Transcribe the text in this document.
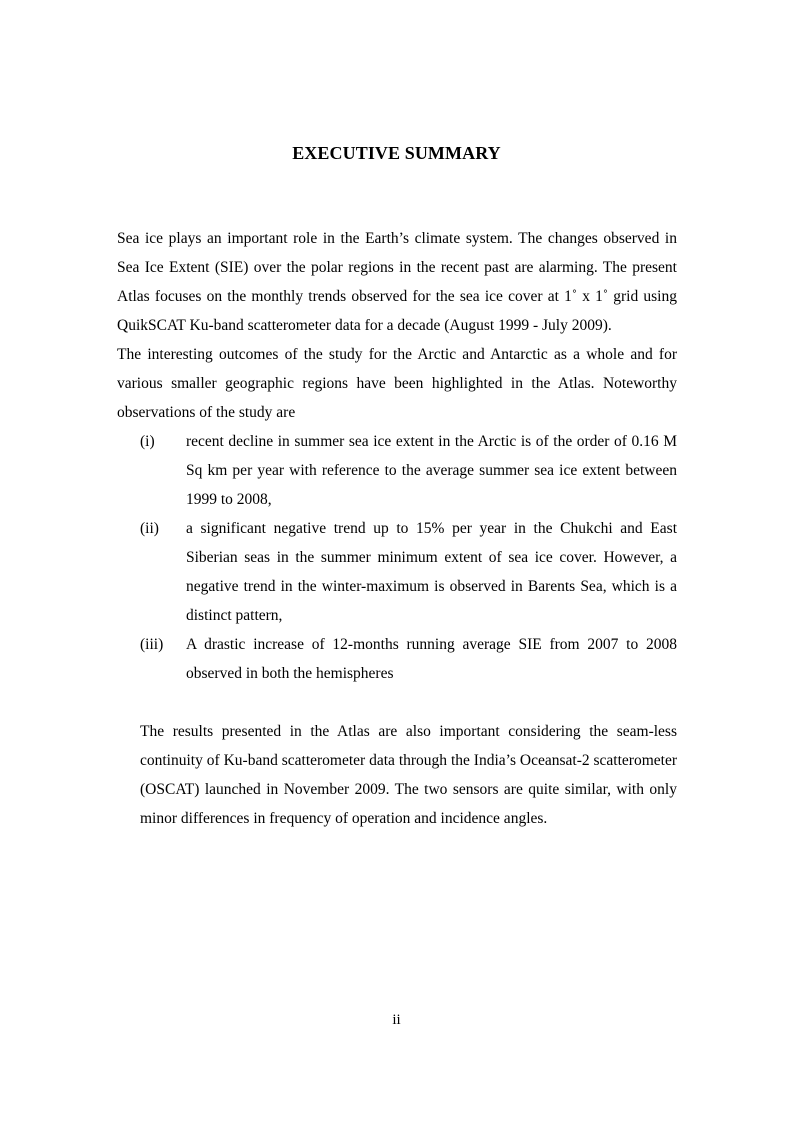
EXECUTIVE SUMMARY

Sea ice plays an important role in the Earth’s climate system. The changes observed in Sea Ice Extent (SIE) over the polar regions in the recent past are alarming. The present Atlas focuses on the monthly trends observed for the sea ice cover at 1˚ x 1˚ grid using QuikSCAT Ku-band scatterometer data for a decade (August 1999 - July 2009).

The interesting outcomes of the study for the Arctic and Antarctic as a whole and for various smaller geographic regions have been highlighted in the Atlas. Noteworthy observations of the study are

(i) recent decline in summer sea ice extent in the Arctic is of the order of 0.16 M Sq km per year with reference to the average summer sea ice extent between 1999 to 2008,
(ii) a significant negative trend up to 15% per year in the Chukchi and East Siberian seas in the summer minimum extent of sea ice cover. However, a negative trend in the winter-maximum is observed in Barents Sea, which is a distinct pattern,
(iii) A drastic increase of 12-months running average SIE from 2007 to 2008 observed in both the hemispheres

The results presented in the Atlas are also important considering the seam-less continuity of Ku-band scatterometer data through the India’s Oceansat-2 scatterometer (OSCAT) launched in November 2009. The two sensors are quite similar, with only minor differences in frequency of operation and incidence angles.

ii
